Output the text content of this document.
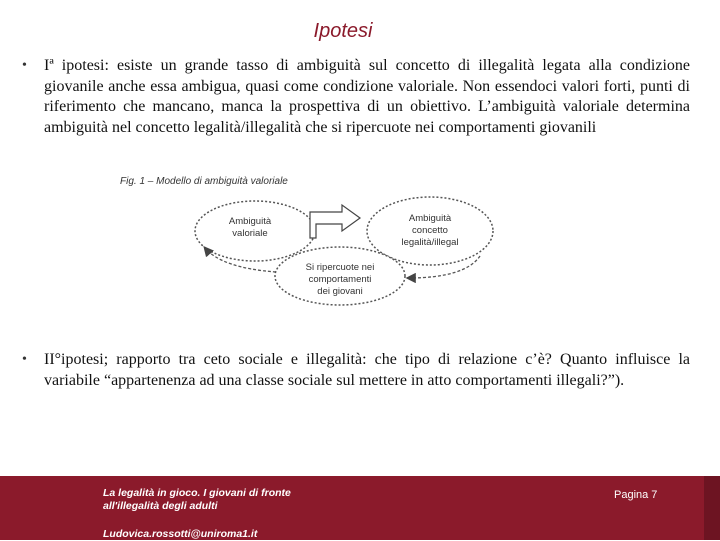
Ipotesi
•	Iª ipotesi: esiste un grande tasso di ambiguità sul concetto di illegalità legata alla condizione giovanile anche essa ambigua, quasi come condizione valoriale. Non essendoci valori forti, punti di riferimento che mancano, manca la prospettiva di un obiettivo. L’ambiguità valoriale determina ambiguità nel concetto legalità/illegalità che si ripercuote nei comportamenti giovanili
Fig. 1 – Modello di ambiguità valoriale
Ambiguità
valoriale
Ambiguità
concetto
legalità/illegal
Si ripercuote nei
comportamenti
dei giovani
•	II°ipotesi; rapporto tra ceto sociale e illegalità: che tipo di relazione c’è? Quanto influisce la variabile “appartenenza ad una classe sociale sul mettere in atto comportamenti illegali?”).
La legalità in gioco. I giovani di fronte
all'illegalità degli adulti
Ludovica.rossotti@uniroma1.it
Pagina 7
